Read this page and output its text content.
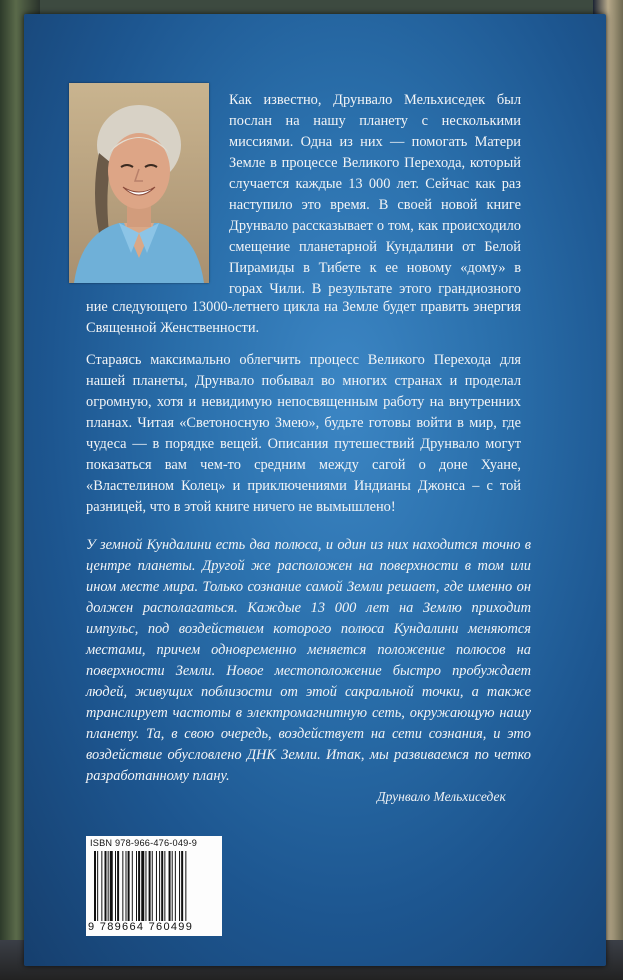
Как известно, Друнвало Мельхиседек был послан на нашу планету с несколькими миссиями. Одна из них — помогать Матери Земле в процессе Великого Перехода, который случается каждые 13 000 лет. Сейчас как раз наступило это время. В своей новой книге Друнвало рассказывает о том, как происходило смещение планетарной Кундалини от Белой Пирамиды в Тибете к ее новому «дому» в горах Чили. В результате этого грандиозного

ние следующего 13000-летнего цикла на Земле будет править энергия Священной Женственности.

Стараясь максимально облегчить процесс Великого Перехода для нашей планеты, Друнвало побывал во многих странах и проделал огромную, хотя и невидимую непосвященным работу на внутренних планах. Читая «Светоносную Змею», будьте готовы войти в мир, где чудеса — в порядке вещей. Описания путешествий Друнвало могут показаться вам чем-то средним между сагой о доне Хуане, «Властелином Колец» и приключениями Индианы Джонса – с той разницей, что в этой книге ничего не вымышлено!

У земной Кундалини есть два полюса, и один из них находится точно в центре планеты. Другой же расположен на поверхности в том или ином месте мира. Только сознание самой Земли решает, где именно он должен располагаться. Каждые 13 000 лет на Землю приходит импульс, под воздействием которого полюса Кундалини меняются местами, причем одновременно меняется положение полюсов на поверхности Земли. Новое местоположение быстро пробуждает людей, живущих поблизости от этой сакральной точки, а также транслирует частоты в электромагнитную сеть, окружающую нашу планету. Та, в свою очередь, воздействует на сети сознания, и это воздействие обусловлено ДНК Земли. Итак, мы развиваемся по четко разработанному плану.

Друнвало Мельхиседек
ISBN 978-966-476-049-9
9 789664 760499
